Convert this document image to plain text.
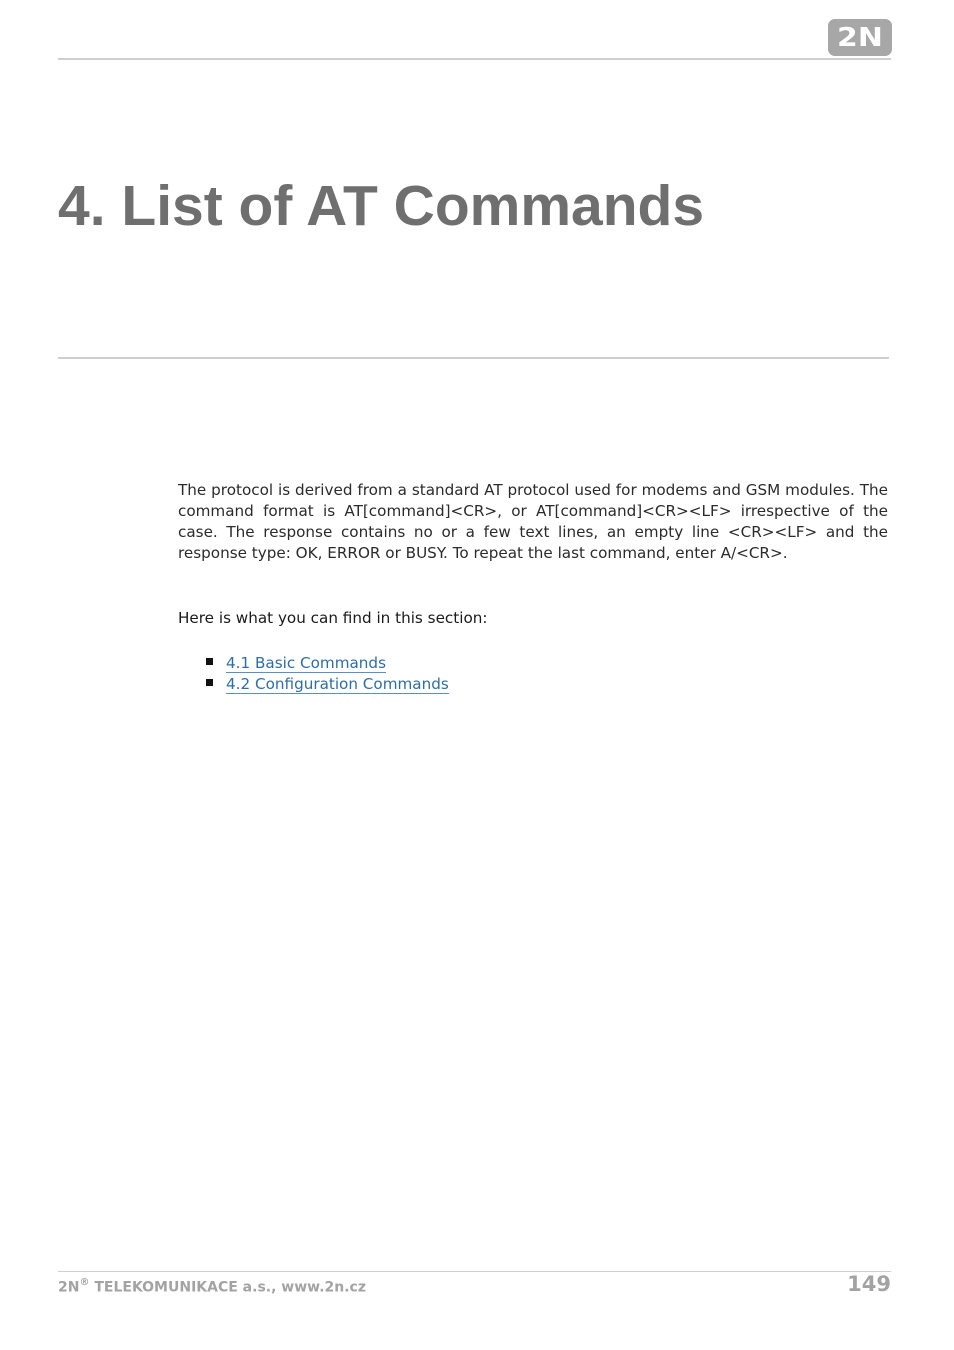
2N
4. List of AT Commands

The protocol is derived from a standard AT protocol used for modems and GSM modules. The command format is AT[command]<CR>, or AT[command]<CR><LF> irrespective of the case. The response contains no or a few text lines, an empty line <CR><LF> and the response type: OK, ERROR or BUSY. To repeat the last command, enter A/<CR>.

Here is what you can find in this section:

4.1 Basic Commands
4.2 Configuration Commands
2N® TELEKOMUNIKACE a.s., www.2n.cz	149
